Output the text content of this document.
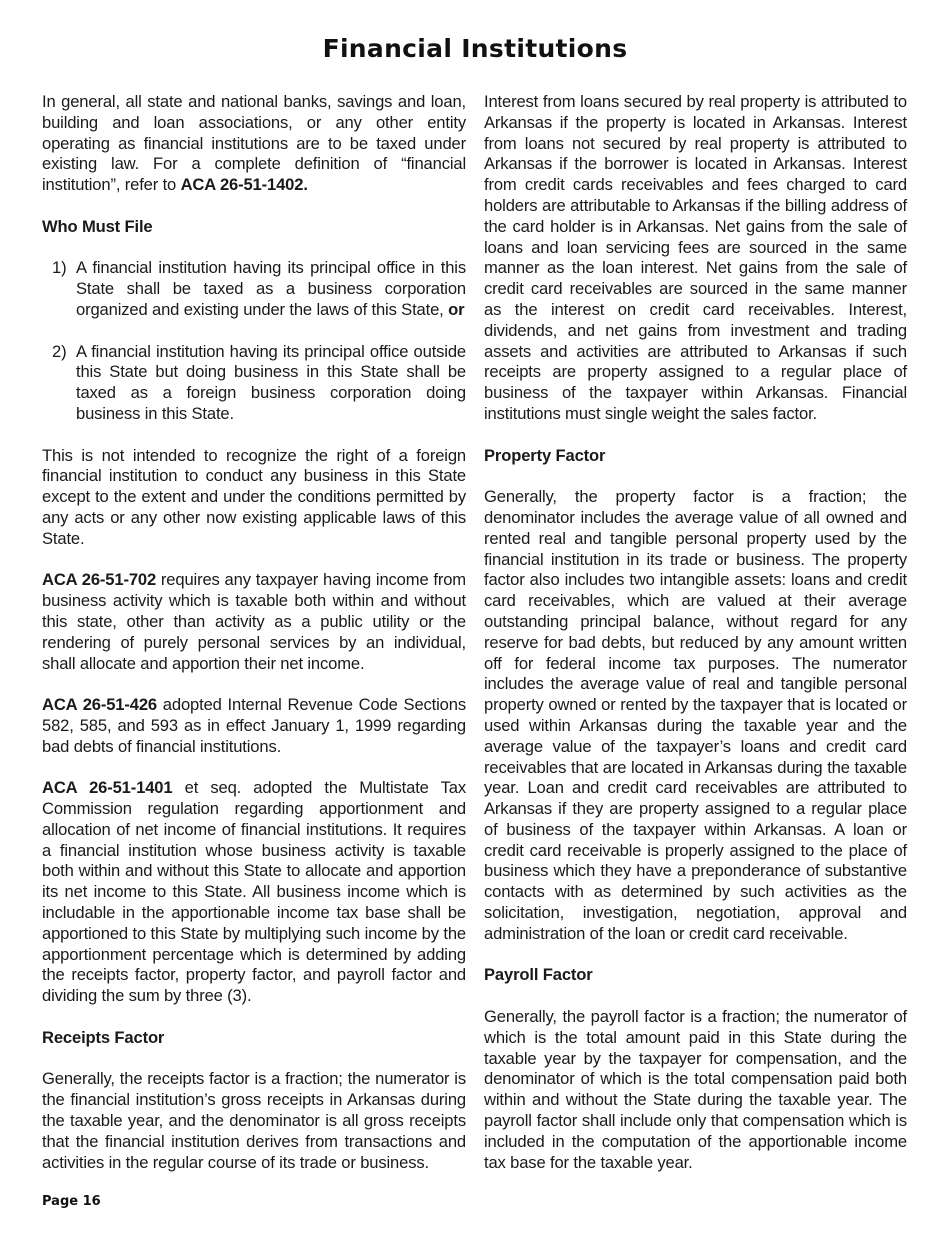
Financial Institutions

In general, all state and national banks, savings and loan, building and loan associations, or any other entity operating as financial institutions are to be taxed under existing law. For a complete definition of “financial institution”, refer to ACA 26-51-1402.

Who Must File
1) A financial institution having its principal office in this State shall be taxed as a business corporation organized and existing under the laws of this State, or
2) A financial institution having its principal office outside this State but doing business in this State shall be taxed as a foreign business corporation doing business in this State.

This is not intended to recognize the right of a foreign financial institution to conduct any business in this State except to the extent and under the conditions permitted by any acts or any other now existing applicable laws of this State.

ACA 26-51-702 requires any taxpayer having income from business activity which is taxable both within and without this state, other than activity as a public utility or the rendering of purely personal services by an individual, shall allocate and apportion their net income.

ACA 26-51-426 adopted Internal Revenue Code Sections 582, 585, and 593 as in effect January 1, 1999 regarding bad debts of financial institutions.

ACA 26-51-1401 et seq. adopted the Multistate Tax Commission regulation regarding apportionment and allocation of net income of financial institutions. It requires a financial institution whose business activity is taxable both within and without this State to allocate and apportion its net income to this State. All business income which is includable in the apportionable income tax base shall be apportioned to this State by multiplying such income by the apportionment percentage which is determined by adding the receipts factor, property factor, and payroll factor and dividing the sum by three (3).

Receipts Factor

Generally, the receipts factor is a fraction; the numerator is the financial institution’s gross receipts in Arkansas during the taxable year, and the denominator is all gross receipts that the financial institution derives from transactions and activities in the regular course of its trade or business.

Interest from loans secured by real property is attributed to Arkansas if the property is located in Arkansas. Interest from loans not secured by real property is attributed to Arkansas if the borrower is located in Arkansas. Interest from credit cards receivables and fees charged to card holders are attributable to Arkansas if the billing address of the card holder is in Arkansas. Net gains from the sale of loans and loan servicing fees are sourced in the same manner as the loan interest. Net gains from the sale of credit card receivables are sourced in the same manner as the interest on credit card receivables. Interest, dividends, and net gains from investment and trading assets and activities are attributed to Arkansas if such receipts are property assigned to a regular place of business of the taxpayer within Arkansas. Financial institutions must single weight the sales factor.

Property Factor

Generally, the property factor is a fraction; the denominator includes the average value of all owned and rented real and tangible personal property used by the financial institution in its trade or business. The property factor also includes two intangible assets: loans and credit card receivables, which are valued at their average outstanding principal balance, without regard for any reserve for bad debts, but reduced by any amount written off for federal income tax purposes. The numerator includes the average value of real and tangible personal property owned or rented by the taxpayer that is located or used within Arkansas during the taxable year and the average value of the taxpayer’s loans and credit card receivables that are located in Arkansas during the taxable year. Loan and credit card receivables are attributed to Arkansas if they are property assigned to a regular place of business of the taxpayer within Arkansas. A loan or credit card receivable is properly assigned to the place of business which they have a preponderance of substantive contacts with as determined by such activities as the solicitation, investigation, negotiation, approval and administration of the loan or credit card receivable.

Payroll Factor

Generally, the payroll factor is a fraction; the numerator of which is the total amount paid in this State during the taxable year by the taxpayer for compensation, and the denominator of which is the total compensation paid both within and without the State during the taxable year. The payroll factor shall include only that compensation which is included in the computation of the apportionable income tax base for the taxable year.

Page 16
